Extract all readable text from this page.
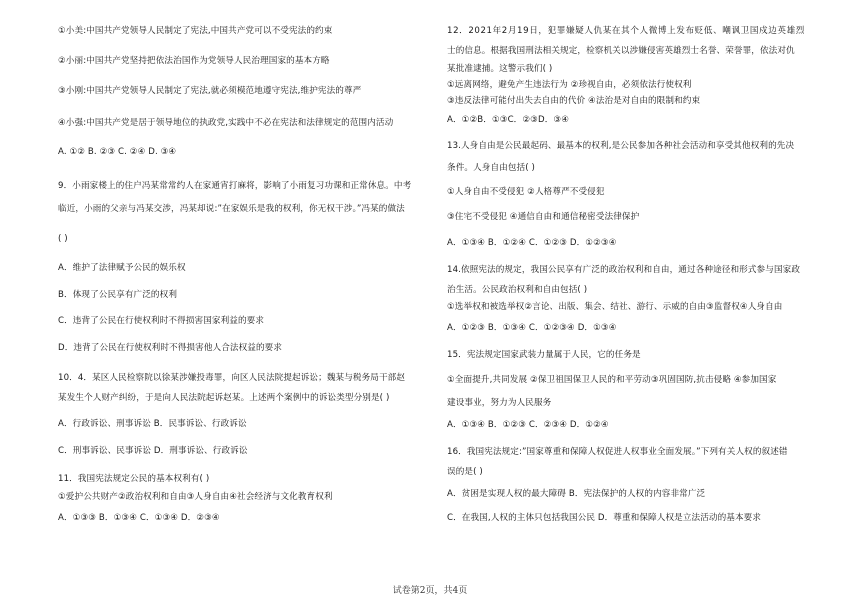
①小美:中国共产党领导人民制定了宪法,中国共产党可以不受宪法的约束
②小丽:中国共产党坚持把依法治国作为党领导人民治理国家的基本方略
③小刚:中国共产党领导人民制定了宪法,就必须模范地遵守宪法,维护宪法的尊严
④小强:中国共产党是居于领导地位的执政党,实践中不必在宪法和法律规定的范围内活动
A. ①② B. ②③ C. ②④ D. ③④
9．小雨家楼上的住户冯某常常约人在家通宵打麻将，影响了小雨复习功课和正常休息。中考
临近，小雨的父亲与冯某交涉，冯某却说:”在家娱乐是我的权利，你无权干涉。”冯某的做法
( )
A．维护了法律赋予公民的娱乐权
B．体现了公民享有广泛的权利
C．违背了公民在行使权利时不得损害国家利益的要求
D．违背了公民在行使权利时不得损害他人合法权益的要求
10．4．某区人民检察院以徐某涉嫌投毒罪，向区人民法院提起诉讼；魏某与税务局干部赵
某发生个人财产纠纷，于是向人民法院起诉赵某。上述两个案例中的诉讼类型分别是( )
A．行政诉讼、刑事诉讼 B．民事诉讼、行政诉讼
C．刑事诉讼、民事诉讼 D．刑事诉讼、行政诉讼
11．我国宪法规定公民的基本权利有( )
①爱护公共财产②政治权利和自由③人身自由④社会经济与文化教育权利
A．①③③ B．①③④ C．①③④ D．②③④
12．2021年2月19日，犯罪嫌疑人仇某在其个人微博上发布贬低、嘲讽卫国戍边英雄烈
士的信息。根据我国刑法相关规定，检察机关以涉嫌侵害英雄烈士名誉、荣誉罪，依法对仇
某批准逮捕。这警示我们( )
①远离网络，避免产生违法行为 ②珍视自由，必须依法行使权利
③违反法律可能付出失去自由的代价 ④法治是对自由的限制和约束
A．①②B．①③C．②③D．③④
13.人身自由是公民最起码、最基本的权利,是公民参加各种社会活动和享受其他权利的先决
条件。人身自由包括( )
①人身自由不受侵犯 ②人格尊严不受侵犯
③住宅不受侵犯 ④通信自由和通信秘密受法律保护
A．①③④ B．①②④ C．①②③ D．①②③④
14.依照宪法的规定，我国公民享有广泛的政治权利和自由，通过各种途径和形式参与国家政
治生活。公民政治权利和自由包括( )
①选举权和被选举权②言论、出版、集会、结社、游行、示威的自由③监督权④人身自由
A．①②③ B．①③④ C．①②③④ D．①③④
15．宪法规定国家武装力量属于人民，它的任务是
①全面提升,共同发展 ②保卫祖国保卫人民的和平劳动③巩固国防,抗击侵略 ④参加国家
建设事业，努力为人民服务
A．①③④ B．①②③ C．②③④ D．①②④
16．我国宪法规定:”国家尊重和保障人权促进人权事业全面发展。”下列有关人权的叙述错
误的是( )
A．贫困是实现人权的最大障碍 B．宪法保护的人权的内容非常广泛
C．在我国,人权的主体只包括我国公民 D．尊重和保障人权是立法活动的基本要求
试卷第2页，共4页
